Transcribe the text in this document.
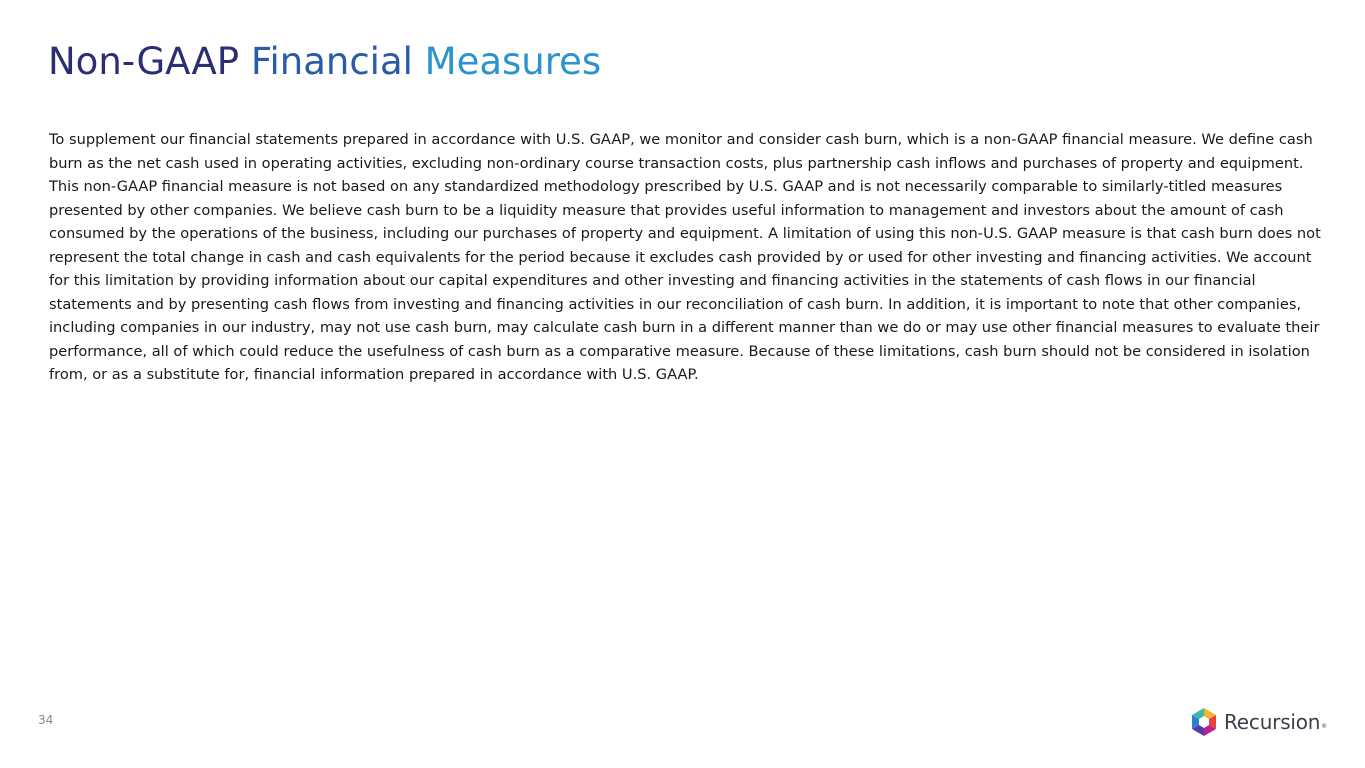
Non-GAAP Financial Measures

To supplement our financial statements prepared in accordance with U.S. GAAP, we monitor and consider cash burn, which is a non-GAAP financial measure. We define cash burn as the net cash used in operating activities, excluding non-ordinary course transaction costs, plus partnership cash inflows and purchases of property and equipment. This non-GAAP financial measure is not based on any standardized methodology prescribed by U.S. GAAP and is not necessarily comparable to similarly-titled measures presented by other companies. We believe cash burn to be a liquidity measure that provides useful information to management and investors about the amount of cash consumed by the operations of the business, including our purchases of property and equipment. A limitation of using this non-U.S. GAAP measure is that cash burn does not represent the total change in cash and cash equivalents for the period because it excludes cash provided by or used for other investing and financing activities. We account for this limitation by providing information about our capital expenditures and other investing and financing activities in the statements of cash flows in our financial statements and by presenting cash flows from investing and financing activities in our reconciliation of cash burn. In addition, it is important to note that other companies, including companies in our industry, may not use cash burn, may calculate cash burn in a different manner than we do or may use other financial measures to evaluate their performance, all of which could reduce the usefulness of cash burn as a comparative measure. Because of these limitations, cash burn should not be considered in isolation from, or as a substitute for, financial information prepared in accordance with U.S. GAAP.

34	Recursion ®
